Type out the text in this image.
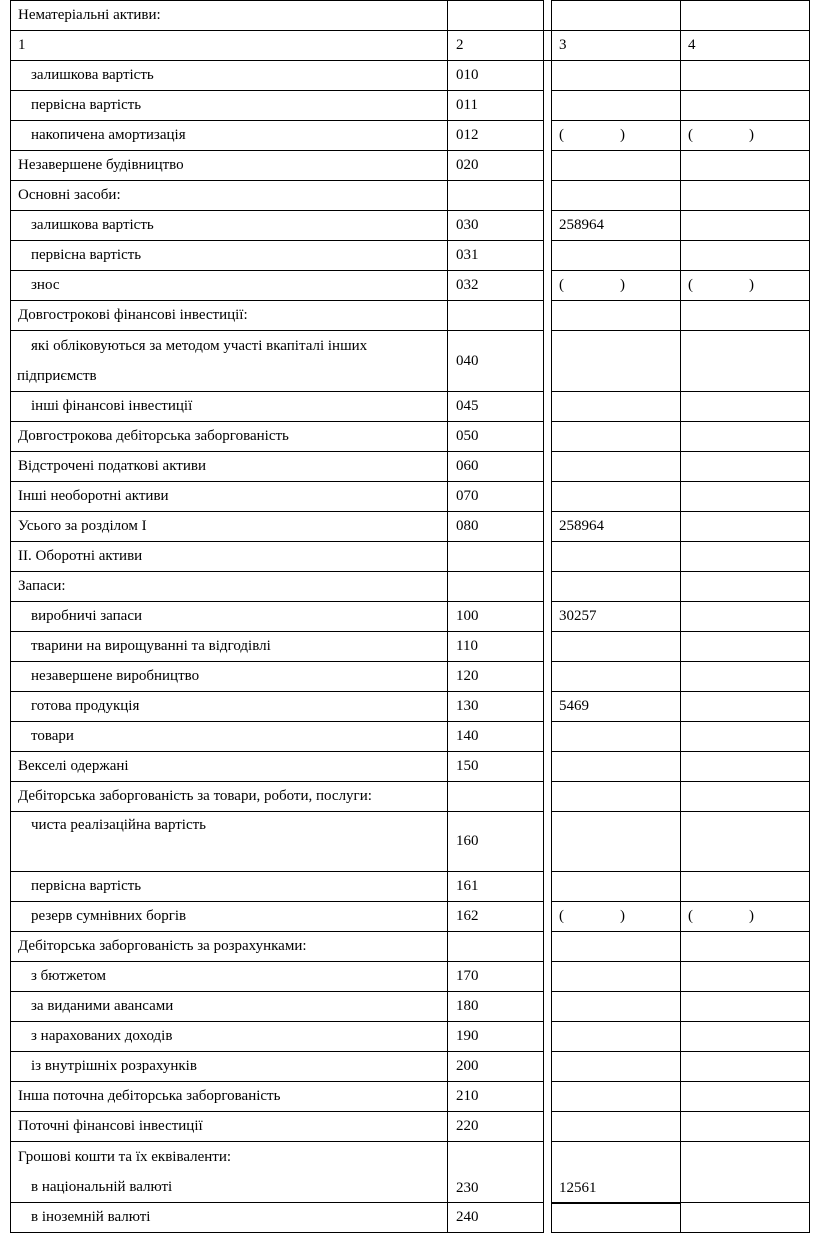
Нематеріальні активи:				
1	2		3	4
залишкова вартість	010			
первісна вартість	011			
накопичена амортизація	012		( )	( )

Незавершене будівництво	020			
Основні засоби:				
залишкова вартість	030		258964	
первісна вартість	031			
знос	032		( )	( )

Довгострокові фінансові інвестиції:				

які обліковуються за методом участі вкапіталі інших
підприємств	040			
інші фінансові інвестиції	045			
Довгострокова дебіторська заборгованість	050			
Відстрочені податкові активи	060			
Інші необоротні активи	070			
Усього за розділом I	080		258964	
II. Оборотні активи				
Запаси:				
виробничі запаси	100		30257	
тварини на вирощуванні та відгодівлі	110			
незавершене виробництво	120			
готова продукція	130		5469	
товари	140			
Векселі одержані	150			
Дебіторська заборгованість за товари, роботи, послуги:				
чиста реалізаційна вартість	160			
первісна вартість	161			
резерв сумнівних боргів	162		( )	( )

Дебіторська заборгованість за розрахунками:				
з бютжетом	170			
за виданими авансами	180			
з нарахованих доходів	190			
із внутрішніх розрахунків	200			
Інша поточна дебіторська заборгованість	210			
Поточні фінансові інвестиції	220			

Грошові кошти та їх еквіваленти:
в національній валюті	230		12561	
в іноземній валюті	240			
